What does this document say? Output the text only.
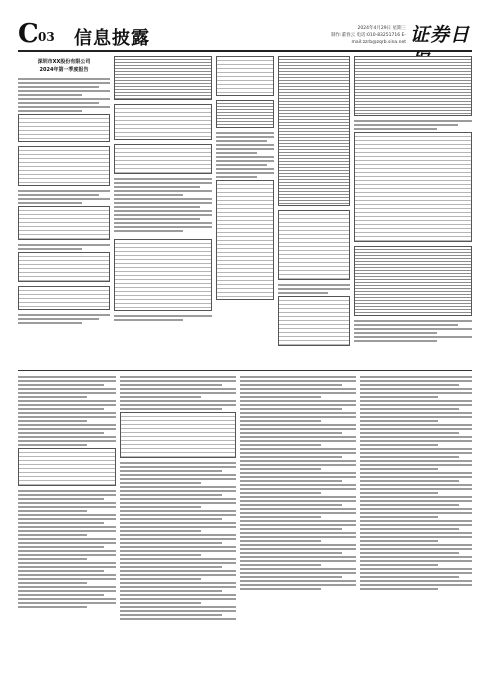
C 03 信息披露	2024年4月29日 星期三
制作:董春云 电话:010-83251716 E-mail:zzrb@zqrb.sina.net 证券日
深圳市XX股份有限公司
2024年第一季度报告
